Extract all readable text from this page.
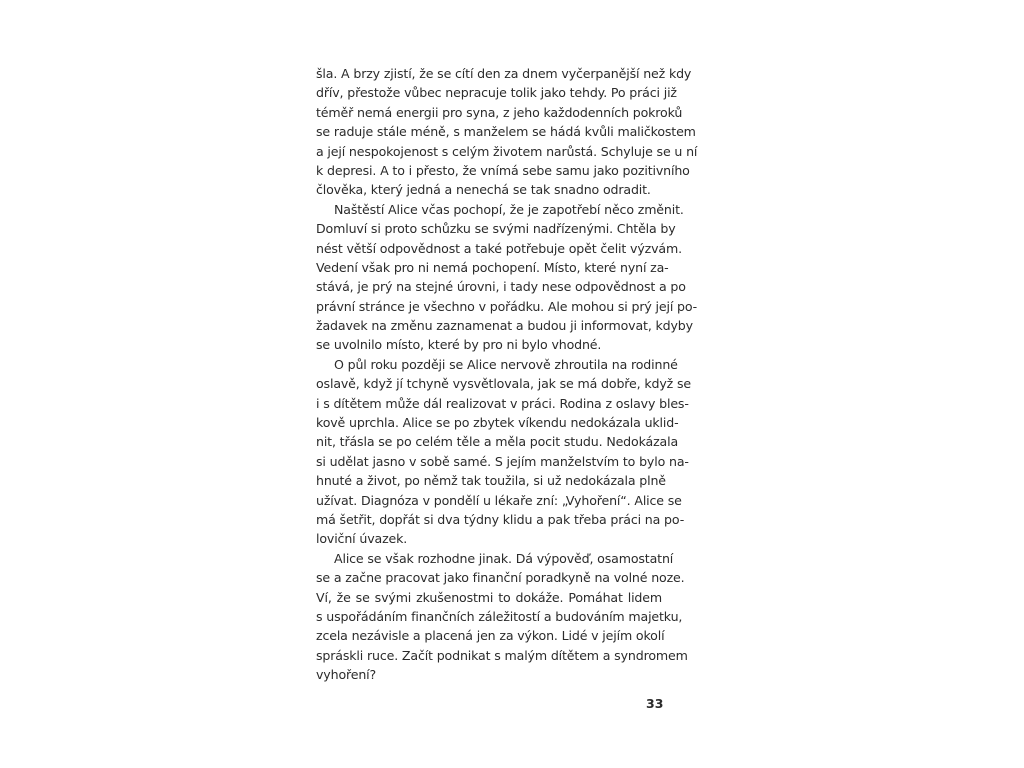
šla. A brzy zjistí, že se cítí den za dnem vyčerpanější než kdy
dřív, přestože vůbec nepracuje tolik jako tehdy. Po práci již
téměř nemá energii pro syna, z jeho každodenních pokroků
se raduje stále méně, s manželem se hádá kvůli maličkostem
a její nespokojenost s celým životem narůstá. Schyluje se u ní
k depresi. A to i přesto, že vnímá sebe samu jako pozitivního
člověka, který jedná a nenechá se tak snadno odradit.
Naštěstí Alice včas pochopí, že je zapotřebí něco změnit.
Domluví si proto schůzku se svými nadřízenými. Chtěla by
nést větší odpovědnost a také potřebuje opět čelit výzvám.
Vedení však pro ni nemá pochopení. Místo, které nyní za-
stává, je prý na stejné úrovni, i tady nese odpovědnost a po
právní stránce je všechno v pořádku. Ale mohou si prý její po-
žadavek na změnu zaznamenat a budou ji informovat, kdyby
se uvolnilo místo, které by pro ni bylo vhodné.
O půl roku později se Alice nervově zhroutila na rodinné
oslavě, když jí tchyně vysvětlovala, jak se má dobře, když se
i s dítětem může dál realizovat v práci. Rodina z oslavy bles-
kově uprchla. Alice se po zbytek víkendu nedokázala uklid-
nit, třásla se po celém těle a měla pocit studu. Nedokázala
si udělat jasno v sobě samé. S jejím manželstvím to bylo na-
hnuté a život, po němž tak toužila, si už nedokázala plně
užívat. Diagnóza v pondělí u lékaře zní: „Vyhoření“. Alice se
má šetřit, dopřát si dva týdny klidu a pak třeba práci na po-
loviční úvazek.
Alice se však rozhodne jinak. Dá výpověď, osamostatní
se a začne pracovat jako finanční poradkyně na volné noze.
Ví, že se svými zkušenostmi to dokáže. Pomáhat lidem
s uspořádáním finančních záležitostí a budováním majetku,
zcela nezávisle a placená jen za výkon. Lidé v jejím okolí
spráskli ruce. Začít podnikat s malým dítětem a syndromem
vyhoření?
33
